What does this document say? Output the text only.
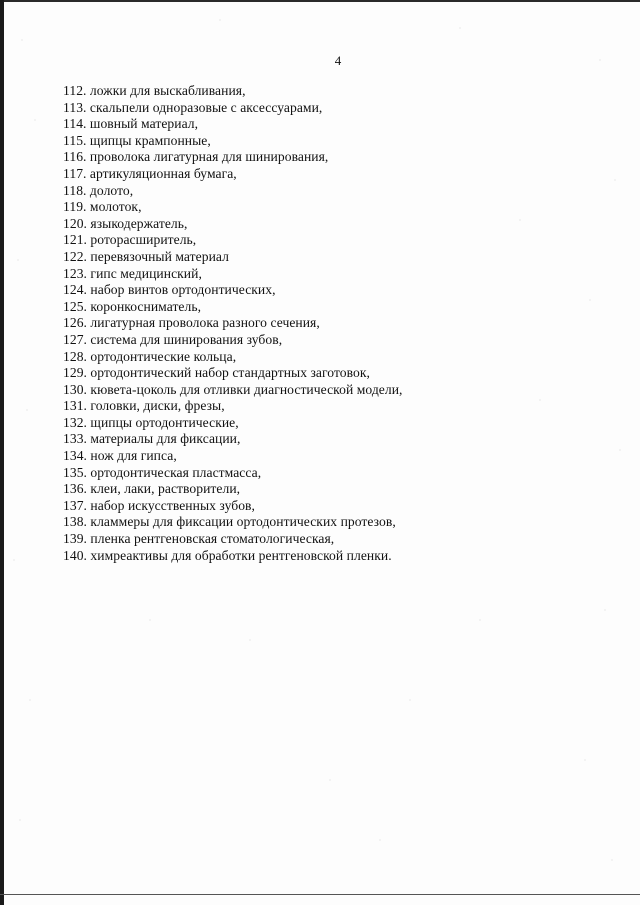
4
112. ложки для выскабливания,
113. скальпели одноразовые с аксессуарами,
114. шовный материал,
115. щипцы крампонные,
116. проволока лигатурная для шинирования,
117. артикуляционная бумага,
118. долото,
119. молоток,
120. языкодержатель,
121. роторасширитель,
122. перевязочный материал
123. гипс медицинский,
124. набор винтов ортодонтических,
125. коронкосниматель,
126. лигатурная проволока разного сечения,
127. система для шинирования зубов,
128. ортодонтические кольца,
129. ортодонтический набор стандартных заготовок,
130. кювета-цоколь для отливки диагностической модели,
131. головки, диски, фрезы,
132. щипцы ортодонтические,
133. материалы для фиксации,
134. нож для гипса,
135. ортодонтическая пластмасса,
136. клеи, лаки, растворители,
137. набор искусственных зубов,
138. кламмеры для фиксации ортодонтических протезов,
139. пленка рентгеновская стоматологическая,
140. химреактивы для обработки рентгеновской пленки.
